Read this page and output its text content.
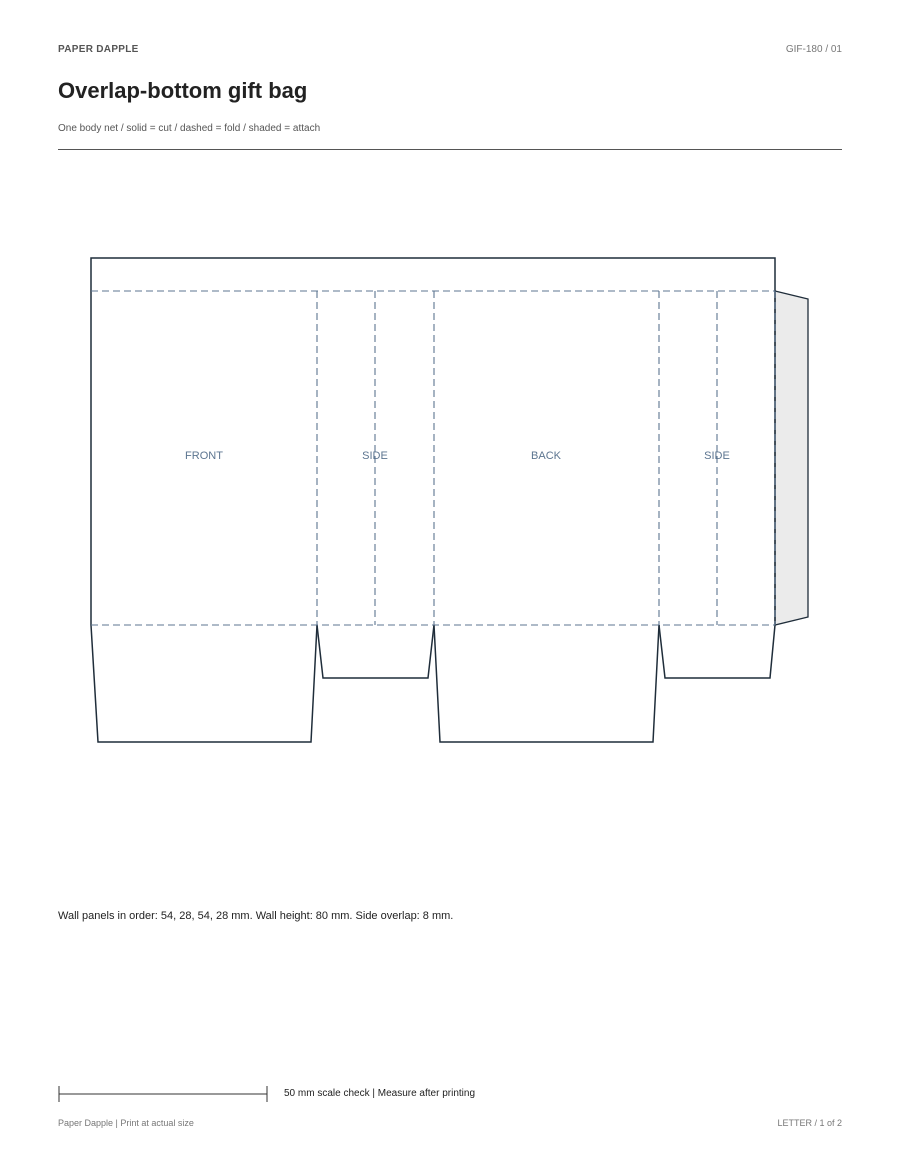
PAPER DAPPLE	GIF-180 / 01
Overlap-bottom gift bag
One body net / solid = cut / dashed = fold / shaded = attach
FRONT	SIDE	BACK	SIDE
Wall panels in order: 54, 28, 54, 28 mm. Wall height: 80 mm. Side overlap: 8 mm.
50 mm scale check | Measure after printing
Paper Dapple | Print at actual size	LETTER / 1 of 2
